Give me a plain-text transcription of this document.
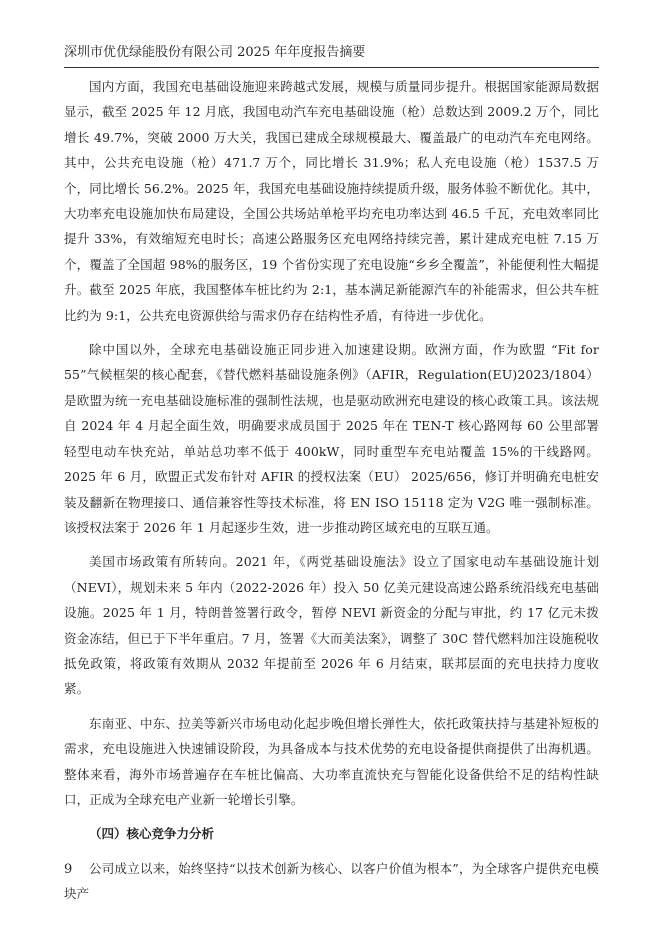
深圳市优优绿能股份有限公司 2025 年年度报告摘要

国内方面，我国充电基础设施迎来跨越式发展，规模与质量同步提升。根据国家能源局数据显示，截至 2025 年 12 月底，我国电动汽车充电基础设施（枪）总数达到 2009.2 万个，同比增长 49.7%，突破 2000 万大关，我国已建成全球规模最大、覆盖最广的电动汽车充电网络。其中，公共充电设施（枪）471.7 万个，同比增长 31.9%；私人充电设施（枪）1537.5 万个，同比增长 56.2%。2025 年，我国充电基础设施持续提质升级，服务体验不断优化。其中，大功率充电设施加快布局建设，全国公共场站单枪平均充电功率达到 46.5 千瓦，充电效率同比提升 33%，有效缩短充电时长；高速公路服务区充电网络持续完善，累计建成充电桩 7.15 万个，覆盖了全国超 98%的服务区，19 个省份实现了充电设施“乡乡全覆盖”，补能便利性大幅提升。截至 2025 年底，我国整体车桩比约为 2:1，基本满足新能源汽车的补能需求，但公共车桩比约为 9:1，公共充电资源供给与需求仍存在结构性矛盾，有待进一步优化。

除中国以外，全球充电基础设施正同步进入加速建设期。欧洲方面，作为欧盟 “Fit for 55”气候框架的核心配套，《替代燃料基础设施条例》（AFIR，Regulation(EU)2023/1804）是欧盟为统一充电基础设施标准的强制性法规，也是驱动欧洲充电建设的核心政策工具。该法规自 2024 年 4 月起全面生效，明确要求成员国于 2025 年在 TEN-T 核心路网每 60 公里部署轻型电动车快充站，单站总功率不低于 400kW，同时重型车充电站覆盖 15%的干线路网。2025 年 6 月，欧盟正式发布针对 AFIR 的授权法案（EU） 2025/656，修订并明确充电桩安装及翻新在物理接口、通信兼容性等技术标准，将 EN ISO 15118 定为 V2G 唯一强制标准。该授权法案于 2026 年 1 月起逐步生效，进一步推动跨区域充电的互联互通。

美国市场政策有所转向。2021 年，《两党基础设施法》设立了国家电动车基础设施计划（NEVI），规划未来 5 年内（2022-2026 年）投入 50 亿美元建设高速公路系统沿线充电基础设施。2025 年 1 月，特朗普签署行政令，暂停 NEVI 新资金的分配与审批，约 17 亿元未拨资金冻结，但已于下半年重启。7 月，签署《大而美法案》，调整了 30C 替代燃料加注设施税收抵免政策，将政策有效期从 2032 年提前至 2026 年 6 月结束，联邦层面的充电扶持力度收紧。

东南亚、中东、拉美等新兴市场电动化起步晚但增长弹性大，依托政策扶持与基建补短板的需求，充电设施进入快速铺设阶段，为具备成本与技术优势的充电设备提供商提供了出海机遇。整体来看，海外市场普遍存在车桩比偏高、大功率直流快充与智能化设备供给不足的结构性缺口，正成为全球充电产业新一轮增长引擎。

（四）核心竞争力分析

公司成立以来，始终坚持“以技术创新为核心、以客户价值为根本”，为全球客户提供充电模块产

9
